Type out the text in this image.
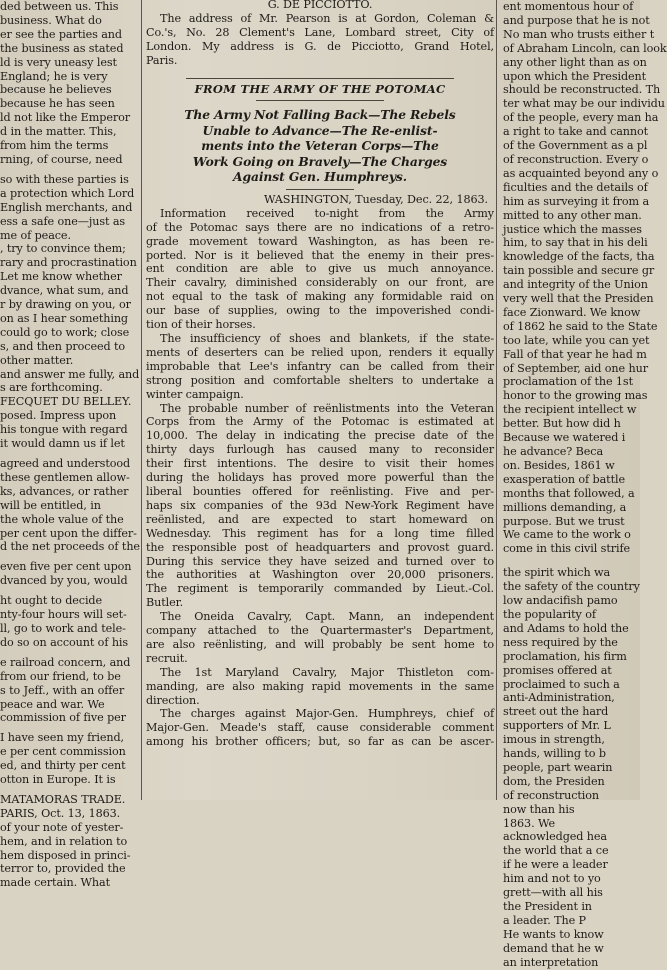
ded between us. This
business. What do
er see the parties and
the business as stated
ld is very uneasy lest
England; he is very
because he believes
because he has seen
ld not like the Emperor
d in the matter. This,
from him the terms
rning, of course, need
so with these parties is
a protection which Lord
English merchants, and
ess a safe one—just as
me of peace.
, try to convince them;
rary and procrastination
Let me know whether
dvance, what sum, and
r by drawing on you, or
on as I hear something
could go to work; close
s, and then proceed to
other matter.
and answer me fully, and
s are forthcoming.
FECQUET DU BELLEY.
posed. Impress upon
his tongue with regard
it would damn us if let
agreed and understood
these gentlemen allow-
ks, advances, or rather
will be entitled, in
the whole value of the
per cent upon the differ-
d the net proceeds of the
even five per cent upon
dvanced by you, would
ht ought to decide
nty-four hours will set-
ll, go to work and tele-
do so on account of his
e railroad concern, and
from our friend, to be
s to Jeff., with an offer
peace and war. We
commission of five per
I have seen my friend,
e per cent commission
ed, and thirty per cent
otton in Europe. It is
MATAMORAS TRADE.
PARIS, Oct. 13, 1863.
of your note of yester-
hem, and in relation to
hem disposed in princi-
terror to, provided the
made certain. What
G. DE PICCIOTTO.
The address of Mr. Pearson is at Gordon, Coleman &
Co.'s, No. 28 Clement's Lane, Lombard street, City of
London. My address is G. de Picciotto, Grand Hotel,
Paris.
FROM THE ARMY OF THE POTOMAC
The Army Not Falling Back—The Rebels
Unable to Advance—The Re-enlist-
ments into the Veteran Corps—The
Work Going on Bravely—The Charges
Against Gen. Humphreys.
WASHINGTON, Tuesday, Dec. 22, 1863.
Information received to-night from the Army
of the Potomac says there are no indications of a retro-
grade movement toward Washington, as has been re-
ported. Nor is it believed that the enemy in their pres-
ent condition are able to give us much annoyance.
Their cavalry, diminished considerably on our front, are
not equal to the task of making any formidable raid on
our base of supplies, owing to the impoverished condi-
tion of their horses.
The insufficiency of shoes and blankets, if the state-
ments of deserters can be relied upon, renders it equally
improbable that Lee's infantry can be called from their
strong position and comfortable shelters to undertake a
winter campaign.
The probable number of reënlistments into the Veteran
Corps from the Army of the Potomac is estimated at
10,000. The delay in indicating the precise date of the
thirty days furlough has caused many to reconsider
their first intentions. The desire to visit their homes
during the holidays has proved more powerful than the
liberal bounties offered for reënlisting. Five and per-
haps six companies of the 93d New-York Regiment have
reënlisted, and are expected to start homeward on
Wednesday. This regiment has for a long time filled
the responsible post of headquarters and provost guard.
During this service they have seized and turned over to
the authorities at Washington over 20,000 prisoners.
The regiment is temporarily commanded by Lieut.-Col.
Butler.
The Oneida Cavalry, Capt. Mann, an independent
company attached to the Quartermaster's Department,
are also reënlisting, and will probably be sent home to
recruit.
The 1st Maryland Cavalry, Major Thistleton com-
manding, are also making rapid movements in the same
direction.
The charges against Major-Gen. Humphreys, chief of
Major-Gen. Meade's staff, cause considerable comment
among his brother officers; but, so far as can be ascer-
ent momentous hour of
and purpose that he is not
No man who trusts either t
of Abraham Lincoln, can look
any other light than as on
upon which the President
should be reconstructed. Th
ter what may be our individu
of the people, every man ha
a right to take and cannot
of the Government as a pl
of reconstruction. Every o
as acquainted beyond any o
ficulties and the details of
him as surveying it from a
mitted to any other man.
justice which the masses
him, to say that in his deli
knowledge of the facts, tha
tain possible and secure gr
and integrity of the Union
very well that the Presiden
face Zionward. We know
of 1862 he said to the State
too late, while you can yet
Fall of that year he had m
of September, aid one hur
proclamation of the 1st
honor to the growing mas
the recipient intellect w
better. But how did h
Because we watered i
he advance? Beca
on. Besides, 1861 w
exasperation of battle
months that followed, a
millions demanding, a
purpose. But we trust
We came to the work o
come in this civil strife
the spirit which wa
the safety of the country
low andacifish pamo
the popularity of
and Adams to hold the
ness required by the
proclamation, his firm
promises offered at
proclaimed to such a
anti-Administration,
street out the hard
supporters of Mr. L
imous in strength,
hands, willing to b
people, part wearin
dom, the Presiden
of reconstruction
now than his
1863. We
acknowledged hea
the world that a ce
if he were a leader
him and not to yo
grett—with all his
the President in
a leader. The P
He wants to know
demand that he w
an interpretation
